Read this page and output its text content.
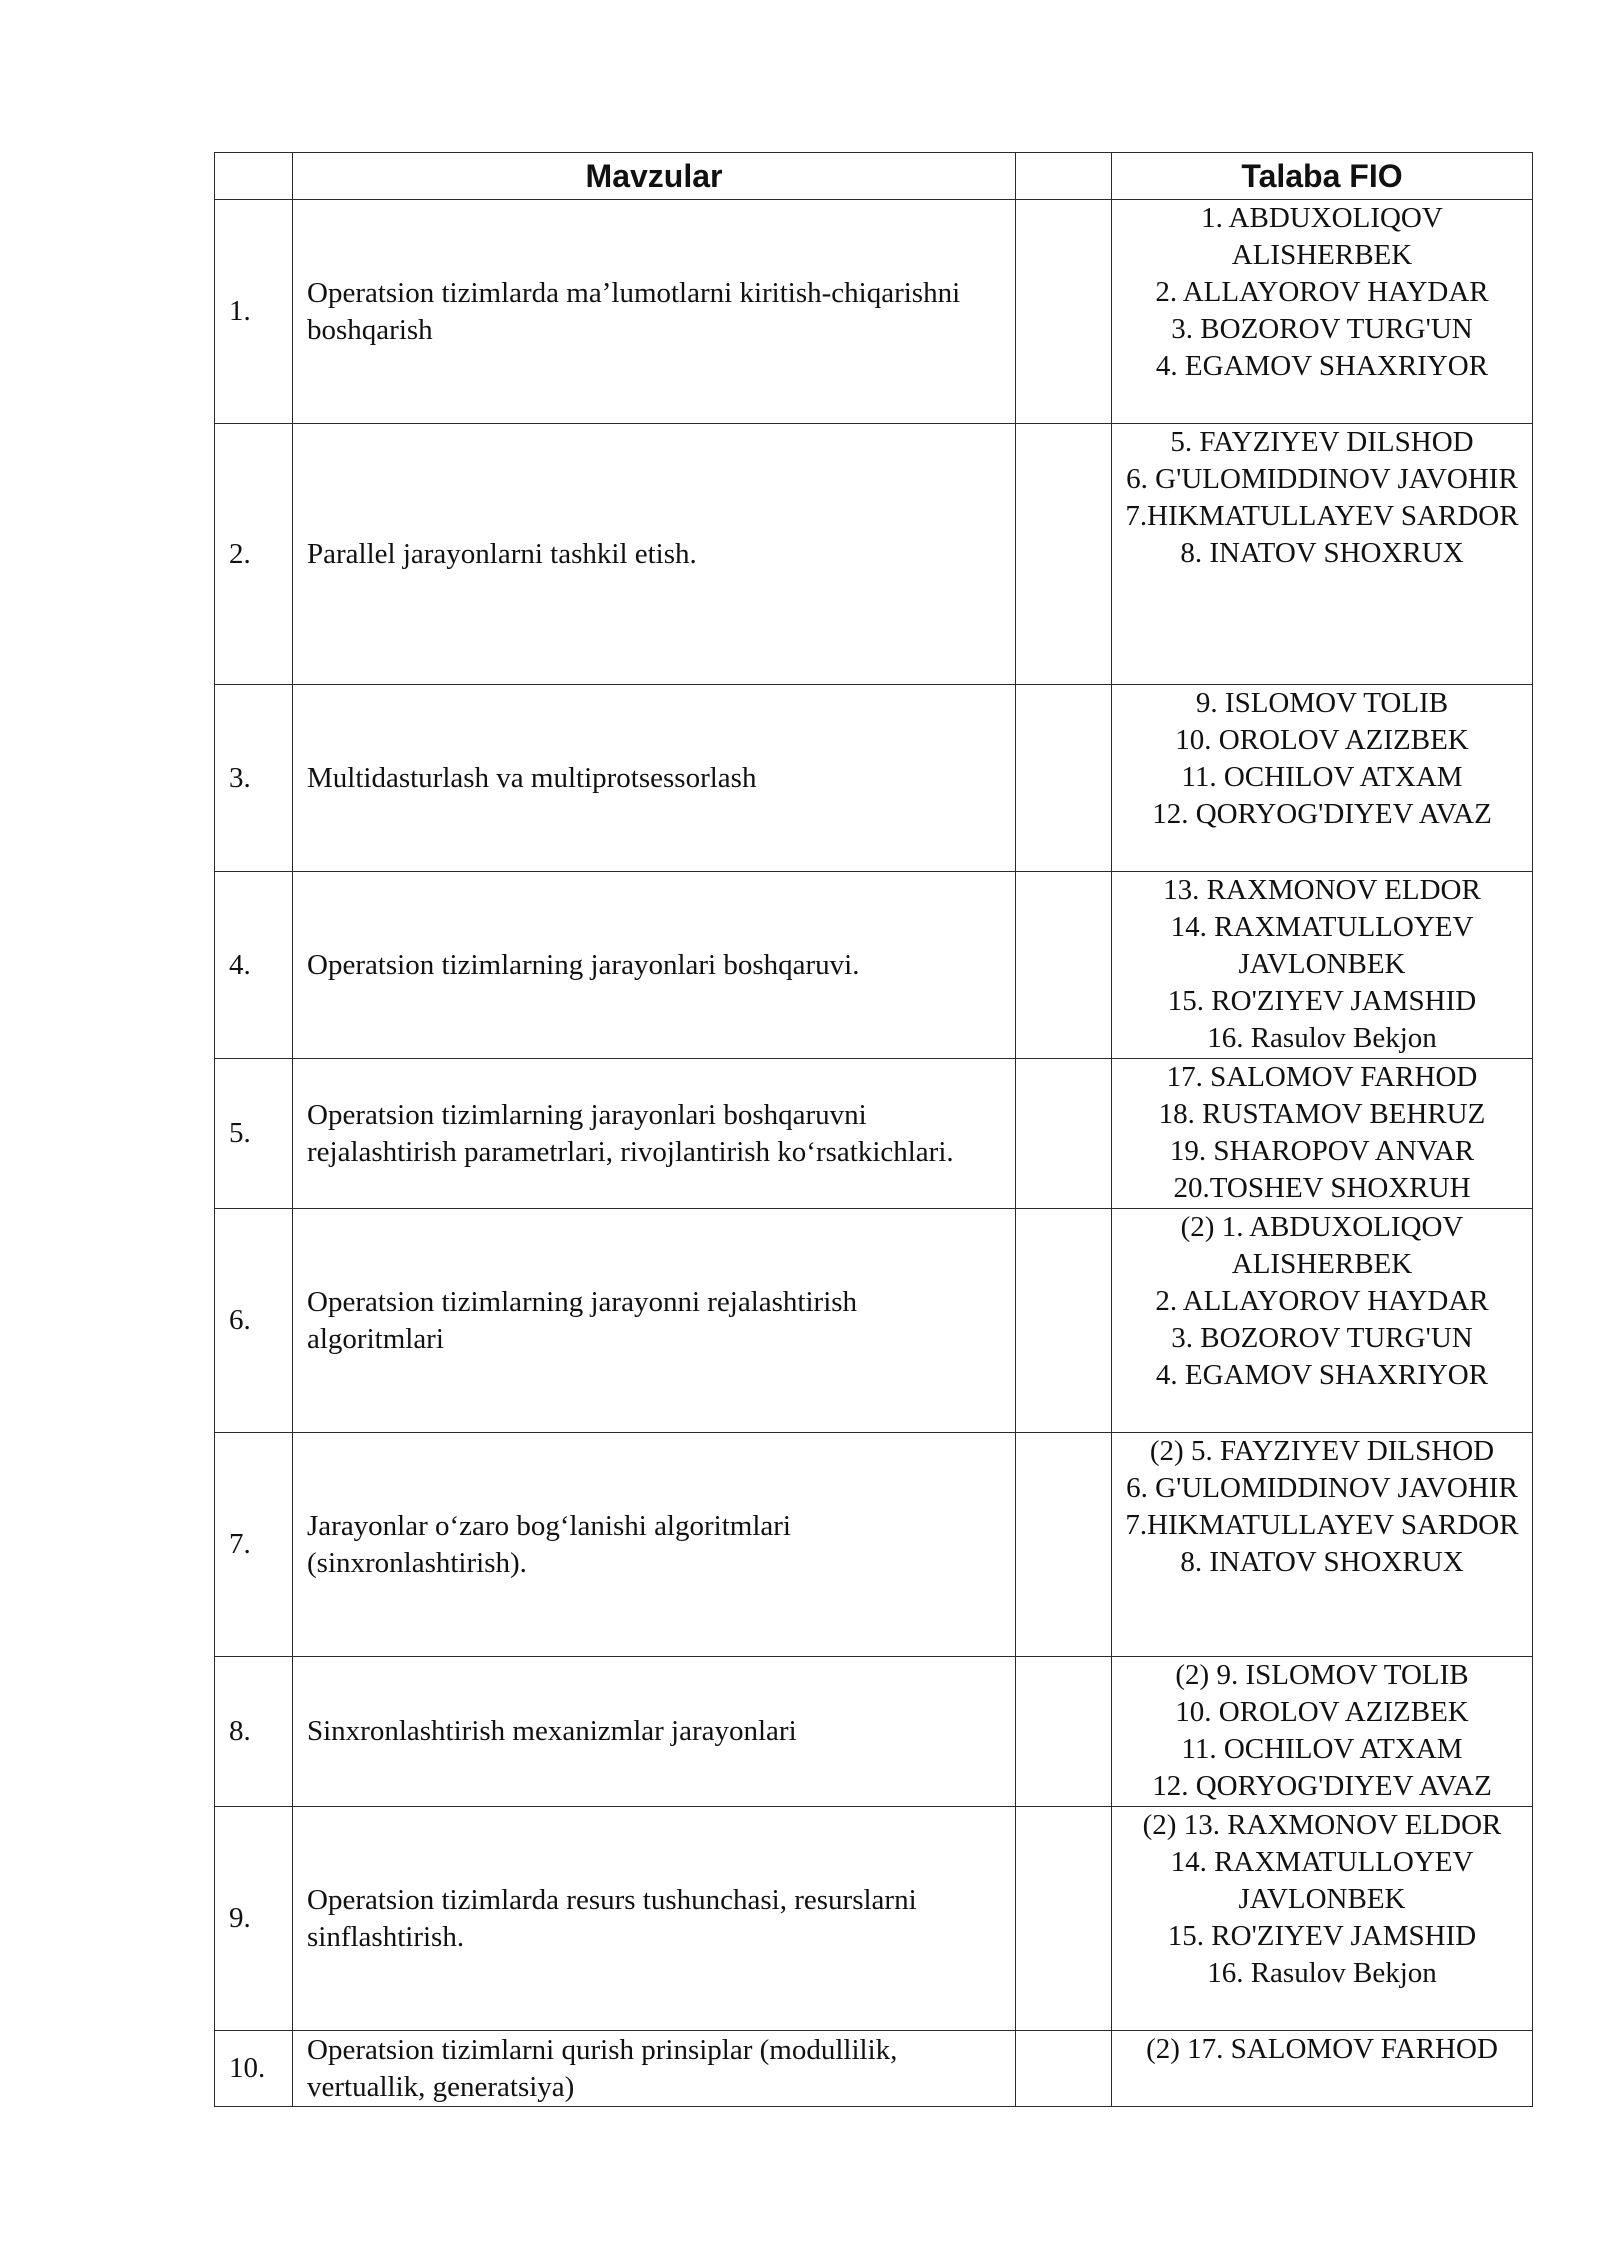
	Mavzular		Talaba FIO
1.	Operatsion tizimlarda ma’lumotlarni kiritish-chiqarishni boshqarish		1. ABDUXOLIQOV ALISHERBEK
2. ALLAYOROV HAYDAR
3. BOZOROV TURG'UN
4. EGAMOV SHAXRIYOR

2.	Parallel jarayonlarni tashkil etish.		5. FAYZIYEV DILSHOD
6. G'ULOMIDDINOV JAVOHIR
7.HIKMATULLAYEV SARDOR
8. INATOV SHOXRUX

3.	Multidasturlash va multiprotsessorlash		9. ISLOMOV TOLIB
10. OROLOV AZIZBEK
11. OCHILOV ATXAM
12. QORYOG'DIYEV AVAZ

4.	Operatsion tizimlarning jarayonlari boshqaruvi.		13. RAXMONOV ELDOR
14. RAXMATULLOYEV JAVLONBEK
15. RO'ZIYEV JAMSHID
16. Rasulov Bekjon

5.	Operatsion tizimlarning jarayonlari boshqaruvni rejalashtirish parametrlari, rivojlantirish ko‘rsatkichlari.		17. SALOMOV FARHOD
18. RUSTAMOV BEHRUZ
19. SHAROPOV ANVAR
20.TOSHEV SHOXRUH

6.	Operatsion tizimlarning jarayonni rejalashtirish algoritmlari		(2) 1. ABDUXOLIQOV ALISHERBEK
2. ALLAYOROV HAYDAR
3. BOZOROV TURG'UN
4. EGAMOV SHAXRIYOR

7.	Jarayonlar o‘zaro bog‘lanishi algoritmlari (sinxronlashtirish).		(2) 5. FAYZIYEV DILSHOD
6. G'ULOMIDDINOV JAVOHIR
7.HIKMATULLAYEV SARDOR
8. INATOV SHOXRUX

8.	Sinxronlashtirish mexanizmlar jarayonlari		(2) 9. ISLOMOV TOLIB
10. OROLOV AZIZBEK
11. OCHILOV ATXAM
12. QORYOG'DIYEV AVAZ

9.	Operatsion tizimlarda resurs tushunchasi, resurslarni sinflashtirish.		(2) 13. RAXMONOV ELDOR
14. RAXMATULLOYEV JAVLONBEK
15. RO'ZIYEV JAMSHID
16. Rasulov Bekjon

10.	Operatsion tizimlarni qurish prinsiplar (modullilik, vertuallik, generatsiya)		(2) 17. SALOMOV FARHOD
